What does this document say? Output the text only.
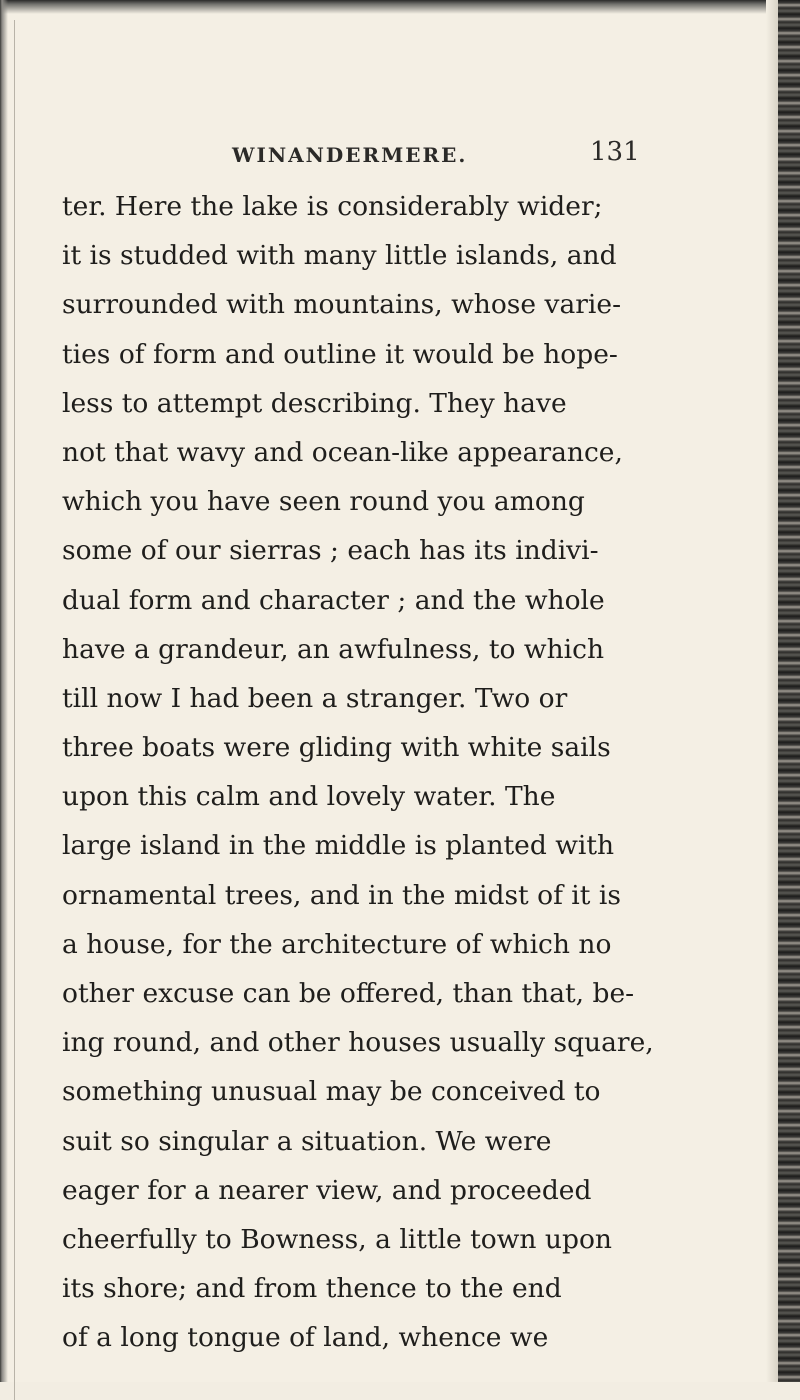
WINANDERMERE.	131
ter. Here the lake is considerably wider;
it is studded with many little islands, and
surrounded with mountains, whose varie-
ties of form and outline it would be hope-
less to attempt describing. They have
not that wavy and ocean-like appearance,
which you have seen round you among
some of our sierras ; each has its indivi-
dual form and character ; and the whole
have a grandeur, an awfulness, to which
till now I had been a stranger. Two or
three boats were gliding with white sails
upon this calm and lovely water. The
large island in the middle is planted with
ornamental trees, and in the midst of it is
a house, for the architecture of which no
other excuse can be offered, than that, be-
ing round, and other houses usually square,
something unusual may be conceived to
suit so singular a situation. We were
eager for a nearer view, and proceeded
cheerfully to Bowness, a little town upon
its shore; and from thence to the end
of a long tongue of land, whence we
